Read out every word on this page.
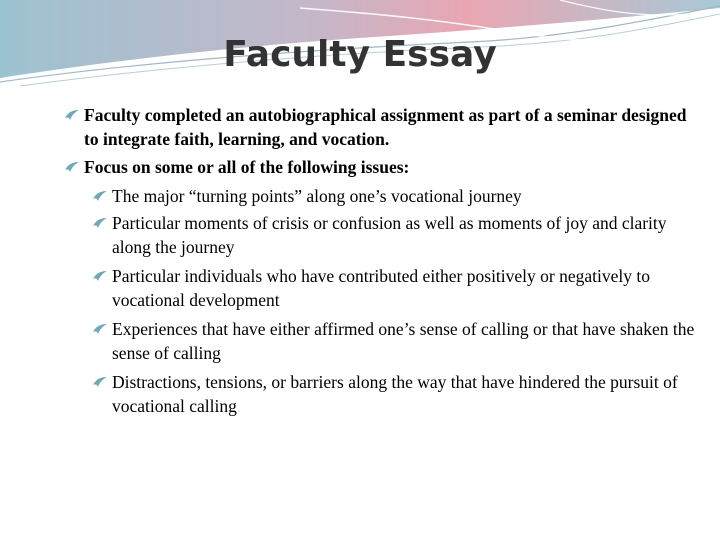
Faculty Essay
Faculty completed an autobiographical assignment as part of a seminar designed to integrate faith, learning, and vocation.
Focus on some or all of the following issues:
The major “turning points” along one’s vocational journey
Particular moments of crisis or confusion as well as moments of joy and clarity along the journey
Particular individuals who have contributed either positively or negatively to vocational development
Experiences that have either affirmed one’s sense of calling or that have shaken the sense of calling
Distractions, tensions, or barriers along the way that have hindered the pursuit of vocational calling
